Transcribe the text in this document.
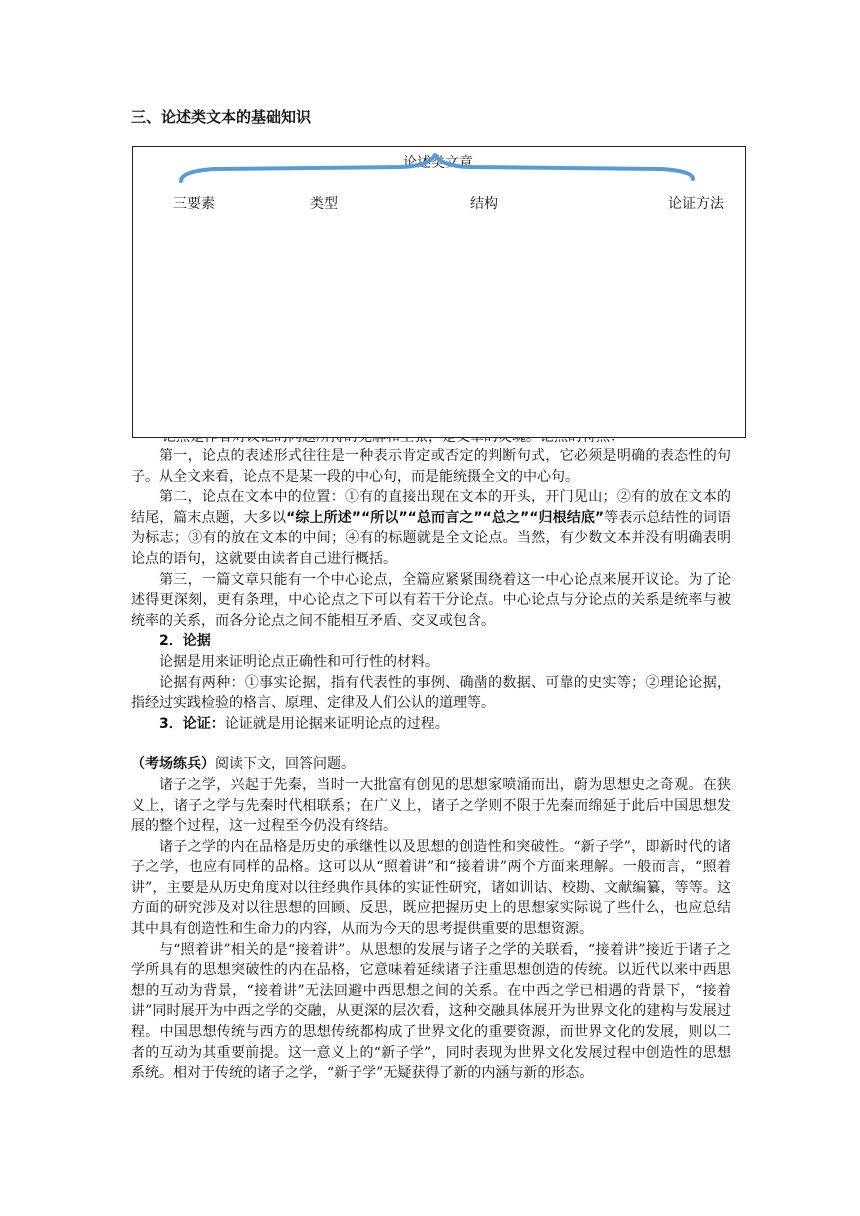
三、论述类文本的基础知识
论述类文章
三要素	类型	结构	论证方法

第一，论点的表述形式往往是一种表示肯定或否定的判断句式，它必须是明确的表态性的句子。从全文来看，论点不是某一段的中心句，而是能统摄全文的中心句。

第二，论点在文本中的位置：①有的直接出现在文本的开头，开门见山；②有的放在文本的结尾，篇末点题，大多以“综上所述”“所以”“总而言之”“总之”“归根结底”等表示总结性的词语为标志；③有的放在文本的中间；④有的标题就是全文论点。当然，有少数文本并没有明确表明论点的语句，这就要由读者自己进行概括。

第三，一篇文章只能有一个中心论点，全篇应紧紧围绕着这一中心论点来展开议论。为了论述得更深刻，更有条理，中心论点之下可以有若干分论点。中心论点与分论点的关系是统率与被统率的关系，而各分论点之间不能相互矛盾、交叉或包含。

2．论据

论据是用来证明论点正确性和可行性的材料。

论据有两种：①事实论据，指有代表性的事例、确凿的数据、可靠的史实等；②理论论据，指经过实践检验的格言、原理、定律及人们公认的道理等。

3．论证：论证就是用论据来证明论点的过程。

（考场练兵）阅读下文，回答问题。

诸子之学，兴起于先秦，当时一大批富有创见的思想家喷涌而出，蔚为思想史之奇观。在狭义上，诸子之学与先秦时代相联系；在广义上，诸子之学则不限于先秦而绵延于此后中国思想发展的整个过程，这一过程至今仍没有终结。

诸子之学的内在品格是历史的承继性以及思想的创造性和突破性。“新子学”，即新时代的诸子之学，也应有同样的品格。这可以从“照着讲”和“接着讲”两个方面来理解。一般而言，“照着讲”，主要是从历史角度对以往经典作具体的实证性研究，诸如训诂、校勘、文献编纂，等等。这方面的研究涉及对以往思想的回顾、反思，既应把握历史上的思想家实际说了些什么，也应总结其中具有创造性和生命力的内容，从而为今天的思考提供重要的思想资源。

与“照着讲”相关的是“接着讲”。从思想的发展与诸子之学的关联看，“接着讲”接近于诸子之学所具有的思想突破性的内在品格，它意味着延续诸子注重思想创造的传统。以近代以来中西思想的互动为背景，“接着讲”无法回避中西思想之间的关系。在中西之学已相遇的背景下，“接着讲”同时展开为中西之学的交融，从更深的层次看，这种交融具体展开为世界文化的建构与发展过程。中国思想传统与西方的思想传统都构成了世界文化的重要资源，而世界文化的发展，则以二者的互动为其重要前提。这一意义上的“新子学”，同时表现为世界文化发展过程中创造性的思想系统。相对于传统的诸子之学，“新子学”无疑获得了新的内涵与新的形态。
